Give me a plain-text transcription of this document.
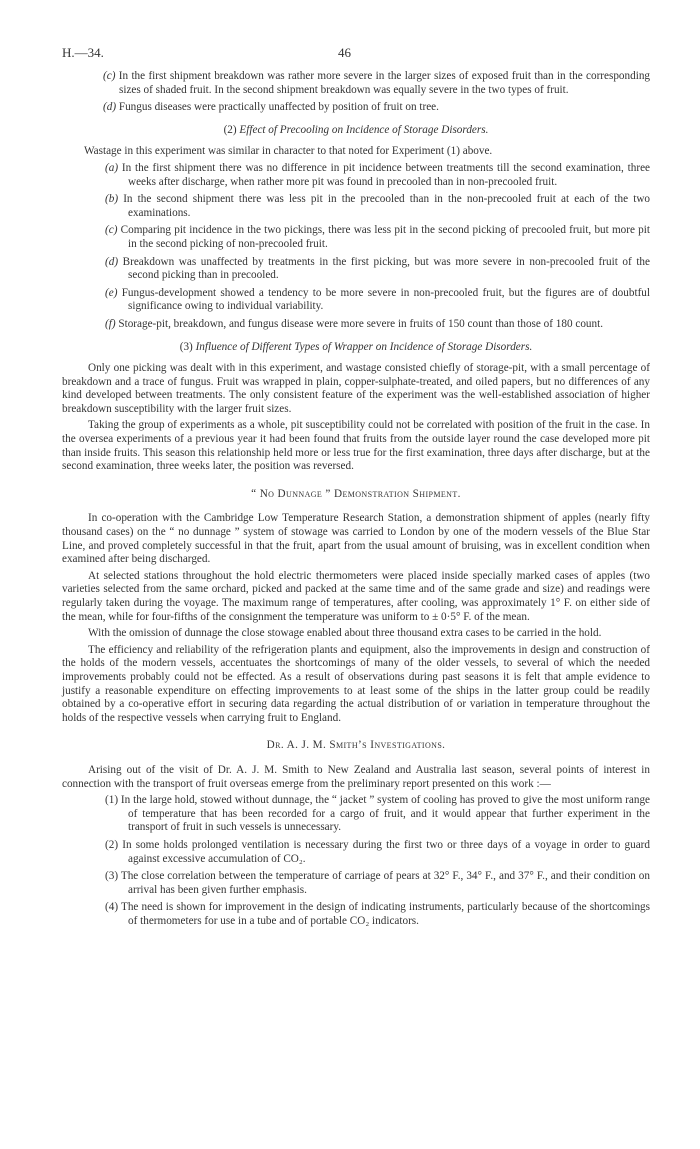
H.—34.	46
(c) In the first shipment breakdown was rather more severe in the larger sizes of exposed fruit than in the corresponding sizes of shaded fruit. In the second shipment breakdown was equally severe in the two types of fruit.
(d) Fungus diseases were practically unaffected by position of fruit on tree.
(2) Effect of Precooling on Incidence of Storage Disorders.

Wastage in this experiment was similar in character to that noted for Experiment (1) above.

(a) In the first shipment there was no difference in pit incidence between treatments till the second examination, three weeks after discharge, when rather more pit was found in precooled than in non-precooled fruit.
(b) In the second shipment there was less pit in the precooled than in the non-precooled fruit at each of the two examinations.
(c) Comparing pit incidence in the two pickings, there was less pit in the second picking of precooled fruit, but more pit in the second picking of non-precooled fruit.
(d) Breakdown was unaffected by treatments in the first picking, but was more severe in non-precooled fruit of the second picking than in precooled.
(e) Fungus-development showed a tendency to be more severe in non-precooled fruit, but the figures are of doubtful significance owing to individual variability.
(f) Storage-pit, breakdown, and fungus disease were more severe in fruits of 150 count than those of 180 count.
(3) Influence of Different Types of Wrapper on Incidence of Storage Disorders.

Only one picking was dealt with in this experiment, and wastage consisted chiefly of storage-pit, with a small percentage of breakdown and a trace of fungus. Fruit was wrapped in plain, copper-sulphate-treated, and oiled papers, but no differences of any kind developed between treatments. The only consistent feature of the experiment was the well-established association of higher breakdown susceptibility with the larger fruit sizes.

Taking the group of experiments as a whole, pit susceptibility could not be correlated with position of the fruit in the case. In the oversea experiments of a previous year it had been found that fruits from the outside layer round the case developed more pit than inside fruits. This season this relationship held more or less true for the first examination, three days after discharge, but at the second examination, three weeks later, the position was reversed.

“ No Dunnage ” Demonstration Shipment.

In co-operation with the Cambridge Low Temperature Research Station, a demonstration shipment of apples (nearly fifty thousand cases) on the “ no dunnage ” system of stowage was carried to London by one of the modern vessels of the Blue Star Line, and proved completely successful in that the fruit, apart from the usual amount of bruising, was in excellent condition when examined after being discharged.

At selected stations throughout the hold electric thermometers were placed inside specially marked cases of apples (two varieties selected from the same orchard, picked and packed at the same time and of the same grade and size) and readings were regularly taken during the voyage. The maximum range of temperatures, after cooling, was approximately 1° F. on either side of the mean, while for four-fifths of the consignment the temperature was uniform to ± 0·5° F. of the mean.

With the omission of dunnage the close stowage enabled about three thousand extra cases to be carried in the hold.

The efficiency and reliability of the refrigeration plants and equipment, also the improvements in design and construction of the holds of the modern vessels, accentuates the shortcomings of many of the older vessels, to several of which the needed improvements probably could not be effected. As a result of observations during past seasons it is felt that ample evidence to justify a reasonable expenditure on effecting improvements to at least some of the ships in the latter group could be readily obtained by a co-operative effort in securing data regarding the actual distribution of or variation in temperature throughout the holds of the respective vessels when carrying fruit to England.

Dr. A. J. M. Smith’s Investigations.

Arising out of the visit of Dr. A. J. M. Smith to New Zealand and Australia last season, several points of interest in connection with the transport of fruit overseas emerge from the preliminary report presented on this work :—

(1) In the large hold, stowed without dunnage, the “ jacket ” system of cooling has proved to give the most uniform range of temperature that has been recorded for a cargo of fruit, and it would appear that further experiment in the transport of fruit in such vessels is unnecessary.
(2) In some holds prolonged ventilation is necessary during the first two or three days of a voyage in order to guard against excessive accumulation of CO₂.
(3) The close correlation between the temperature of carriage of pears at 32° F., 34° F., and 37° F., and their condition on arrival has been given further emphasis.
(4) The need is shown for improvement in the design of indicating instruments, particularly because of the shortcomings of thermometers for use in a tube and of portable CO₂ indicators.
